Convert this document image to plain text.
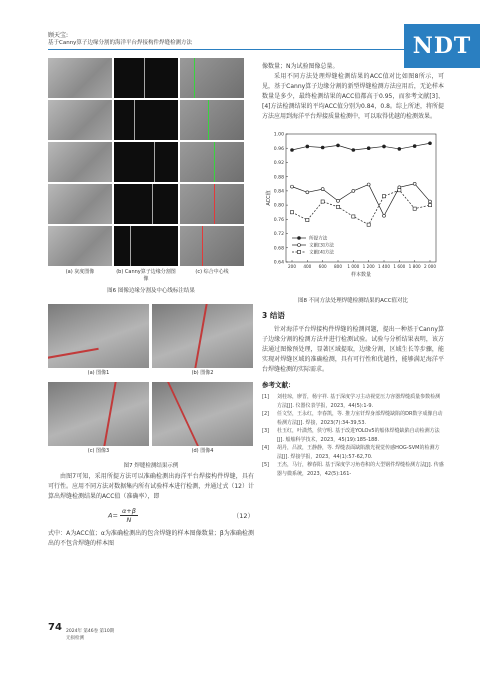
顾天宝:
基于Canny算子边缘分割的海洋平台焊接构件焊缝检测方法	NDT
(a) 灰度图像	(b) Canny算子边缘分割图像
(c) 综合中心线
图6 图像边缘分割及中心线标注结果
(a) 图像1	(b) 图像2
(c) 图像3	(d) 图像4
图7 焊缝检测结果示例

由图7可知，采用所提方法可以准确检测出海洋平台焊接构件焊缝，具有可行性。应用不同方法对数据集内所有试验样本进行检测，并通过式（12）计算出焊缝检测结果的ACC值（准确率），即

$A= \frac{\alpha+\beta}{N}$	（12）

式中：A为ACC值；α为准确检测出的包含焊缝的样本图像数量；β为准确检测出的不包含焊缝的样本图

像数量；N为试验图像总量。

采用不同方法处理焊缝检测结果的ACC值对比如图8所示，可见，基于Canny算子边缘分割的新型焊缝检测方法应用后，无论样本数量是多少，最终检测结果的ACC值都高于0.95，而参考文献[3]、[4]方法检测结果的平均ACC值分别为0.84，0.8。综上所述，将所提方法应用到海洋平台焊接质量检测中，可以取得优越的检测效果。

0.64
0.68
0.72
0.76
0.80
0.84
0.88
0.92
0.96
1.00
200 400 600 800 1 000 1 200 1 400 1 600 1 800 2 000
ACC值
样本数量
所提方法
文献[3]方法
文献[4]方法
图8 不同方法处理焊缝检测结果的ACC值对比
3 结语

针对海洋平台焊接构件焊缝的检测问题，提出一种基于Canny算子边缘分割的检测方法并进行检测试验。试验与分析结果表明，该方法通过图像预处理，显著区域提取，边缘分割，区域生长等步骤，能实现对焊缝区域的准确检测，具有可行性和优越性，能够满足海洋平台焊缝检测的实际需求。

参考文献：
[1]	刘桂琼，廖晋，杨宇祥. 基于深度学习主动视觉压力容器焊缝质量参数检测方法[J]. 仪器仪表学报，2023，44(5):1-9.
[2]	任文坚，王永红，李春凯，等. 推力室钎焊身部焊缝缺陷的DR数字成像自动检测方法[J]. 焊接，2023(7):34-39,53.
[3]	杜玉红，叶潇然，侯守明. 基于改进YOLOv5的船体焊缝缺陷自动检测方法[J]. 船舶科学技术，2023，45(19):185-188.
[4]	胡丹，吕波，王静静，等. 焊缝表面缺陷激光视觉传感HOG-SVM的检测方法[J]. 焊接学报，2023，44(1):57-62,70.
[5]	王杰，马行，穆春阳. 基于深度学习角卷积的大型钢件焊缝检测方法[J]. 传感器与微系统，2023，42(5):161-
74 2024年 第46卷 第10期
无损检测
